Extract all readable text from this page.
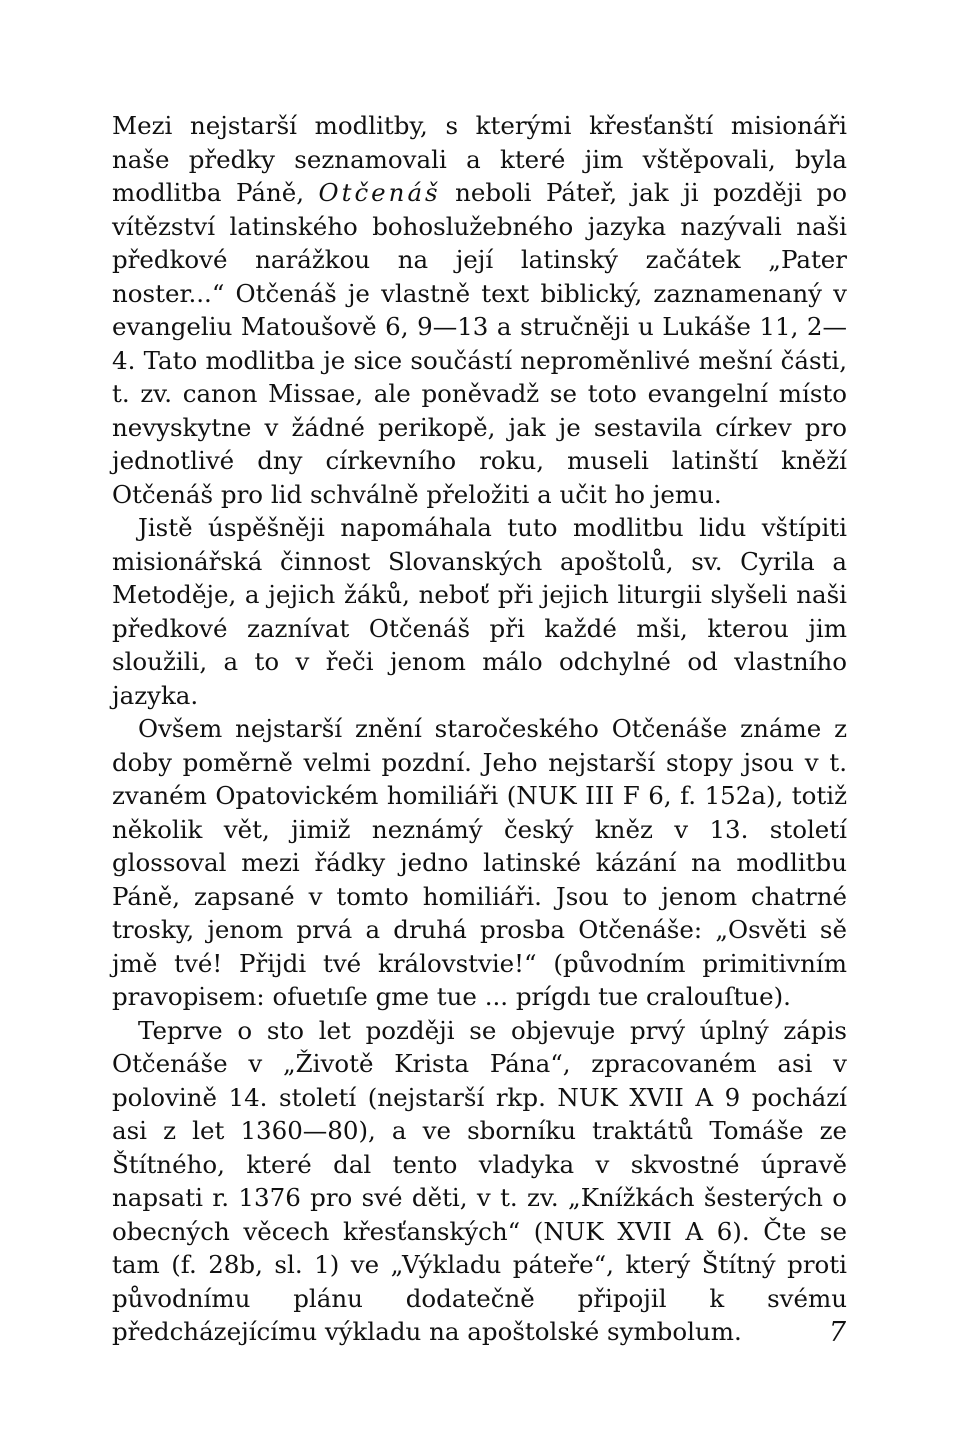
Mezi nejstarší modlitby, s kterými křesťanští misionáři naše předky seznamovali a které jim vštěpovali, byla modlitba Páně, Otčenáš neboli Páteř, jak ji později po vítězství latinského bohoslužebného jazyka nazývali naši předkové narážkou na její latinský začátek „Pater noster...“ Otčenáš je vlastně text biblický, zaznamenaný v evangeliu Matoušově 6, 9—13 a stručněji u Lukáše 11, 2—4. Tato modlitba je sice součástí neproměnlivé mešní části, t. zv. canon Missae, ale poněvadž se toto evangelní místo nevyskytne v žádné perikopě, jak je sestavila církev pro jednotlivé dny církevního roku, museli latinští kněží Otčenáš pro lid schválně přeložiti a učit ho jemu.

Jistě úspěšněji napomáhala tuto modlitbu lidu vštípiti misionářská činnost Slovanských apoštolů, sv. Cyrila a Metoděje, a jejich žáků, neboť při jejich liturgii slyšeli naši předkové zaznívat Otčenáš při každé mši, kterou jim sloužili, a to v řeči jenom málo odchylné od vlastního jazyka.

Ovšem nejstarší znění staročeského Otčenáše známe z doby poměrně velmi pozdní. Jeho nejstarší stopy jsou v t. zvaném Opatovickém homiliáři (NUK III F 6, f. 152a), totiž několik vět, jimiž neznámý český kněz v 13. století glossoval mezi řádky jedno latinské kázání na modlitbu Páně, zapsané v tomto homiliáři. Jsou to jenom chatrné trosky, jenom prvá a druhá prosba Otčenáše: „Osvěti sě jmě tvé! Přijdi tvé královstvie!“ (původním primitivním pravopisem: ofuetıſe gme tue ... prígdı tue cralouſtue).

Teprve o sto let později se objevuje prvý úplný zápis Otčenáše v „Životě Krista Pána“, zpracovaném asi v polovině 14. století (nejstarší rkp. NUK XVII A 9 pochází asi z let 1360—80), a ve sborníku traktátů Tomáše ze Štítného, které dal tento vladyka v skvostné úpravě napsati r. 1376 pro své děti, v t. zv. „Knížkách šesterých o obecných věcech křesťanských“ (NUK XVII A 6). Čte se tam (f. 28b, sl. 1) ve „Výkladu páteře“, který Štítný proti původnímu plánu dodatečně připojil k svému předcházejícímu výkladu na apoštolské symbolum.	7
